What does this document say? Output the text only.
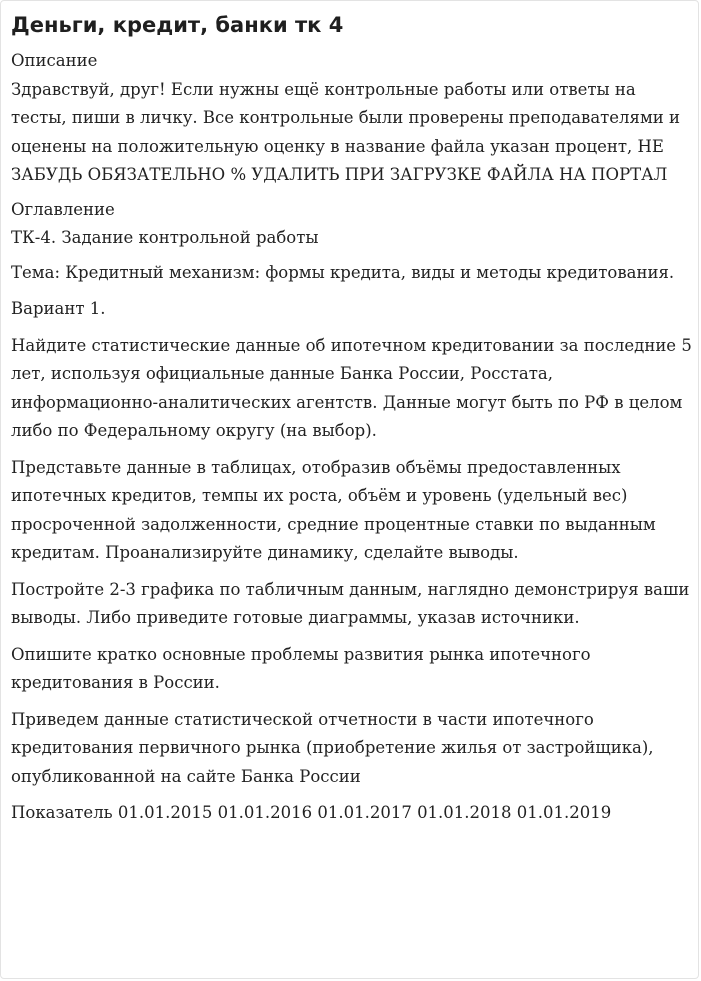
Деньги, кредит, банки тк 4
Описание
Здравствуй, друг! Если нужны ещё контрольные работы или ответы на тесты, пиши в личку. Все контрольные были проверены преподавателями и оценены на положительную оценку в название файла указан процент, НЕ ЗАБУДЬ ОБЯЗАТЕЛЬНО % УДАЛИТЬ ПРИ ЗАГРУЗКЕ ФАЙЛА НА ПОРТАЛ
Оглавление

ТК-4. Задание контрольной работы

Тема: Кредитный механизм: формы кредита, виды и методы кредитования.

Вариант 1.

Найдите статистические данные об ипотечном кредитовании за последние 5 лет, используя официальные данные Банка России, Росстата, информационно-аналитических агентств. Данные могут быть по РФ в целом либо по Федеральному округу (на выбор).

Представьте данные в таблицах, отобразив объёмы предоставленных ипотечных кредитов, темпы их роста, объём и уровень (удельный вес) просроченной задолженности, средние процентные ставки по выданным кредитам. Проанализируйте динамику, сделайте выводы.

Постройте 2-3 графика по табличным данным, наглядно демонстрируя ваши выводы. Либо приведите готовые диаграммы, указав источники.

Опишите кратко основные проблемы развития рынка ипотечного кредитования в России.

Приведем данные статистической отчетности в части ипотечного кредитования первичного рынка (приобретение жилья от застройщика), опубликованной на сайте Банка России

Показатель 01.01.2015 01.01.2016 01.01.2017 01.01.2018 01.01.2019
